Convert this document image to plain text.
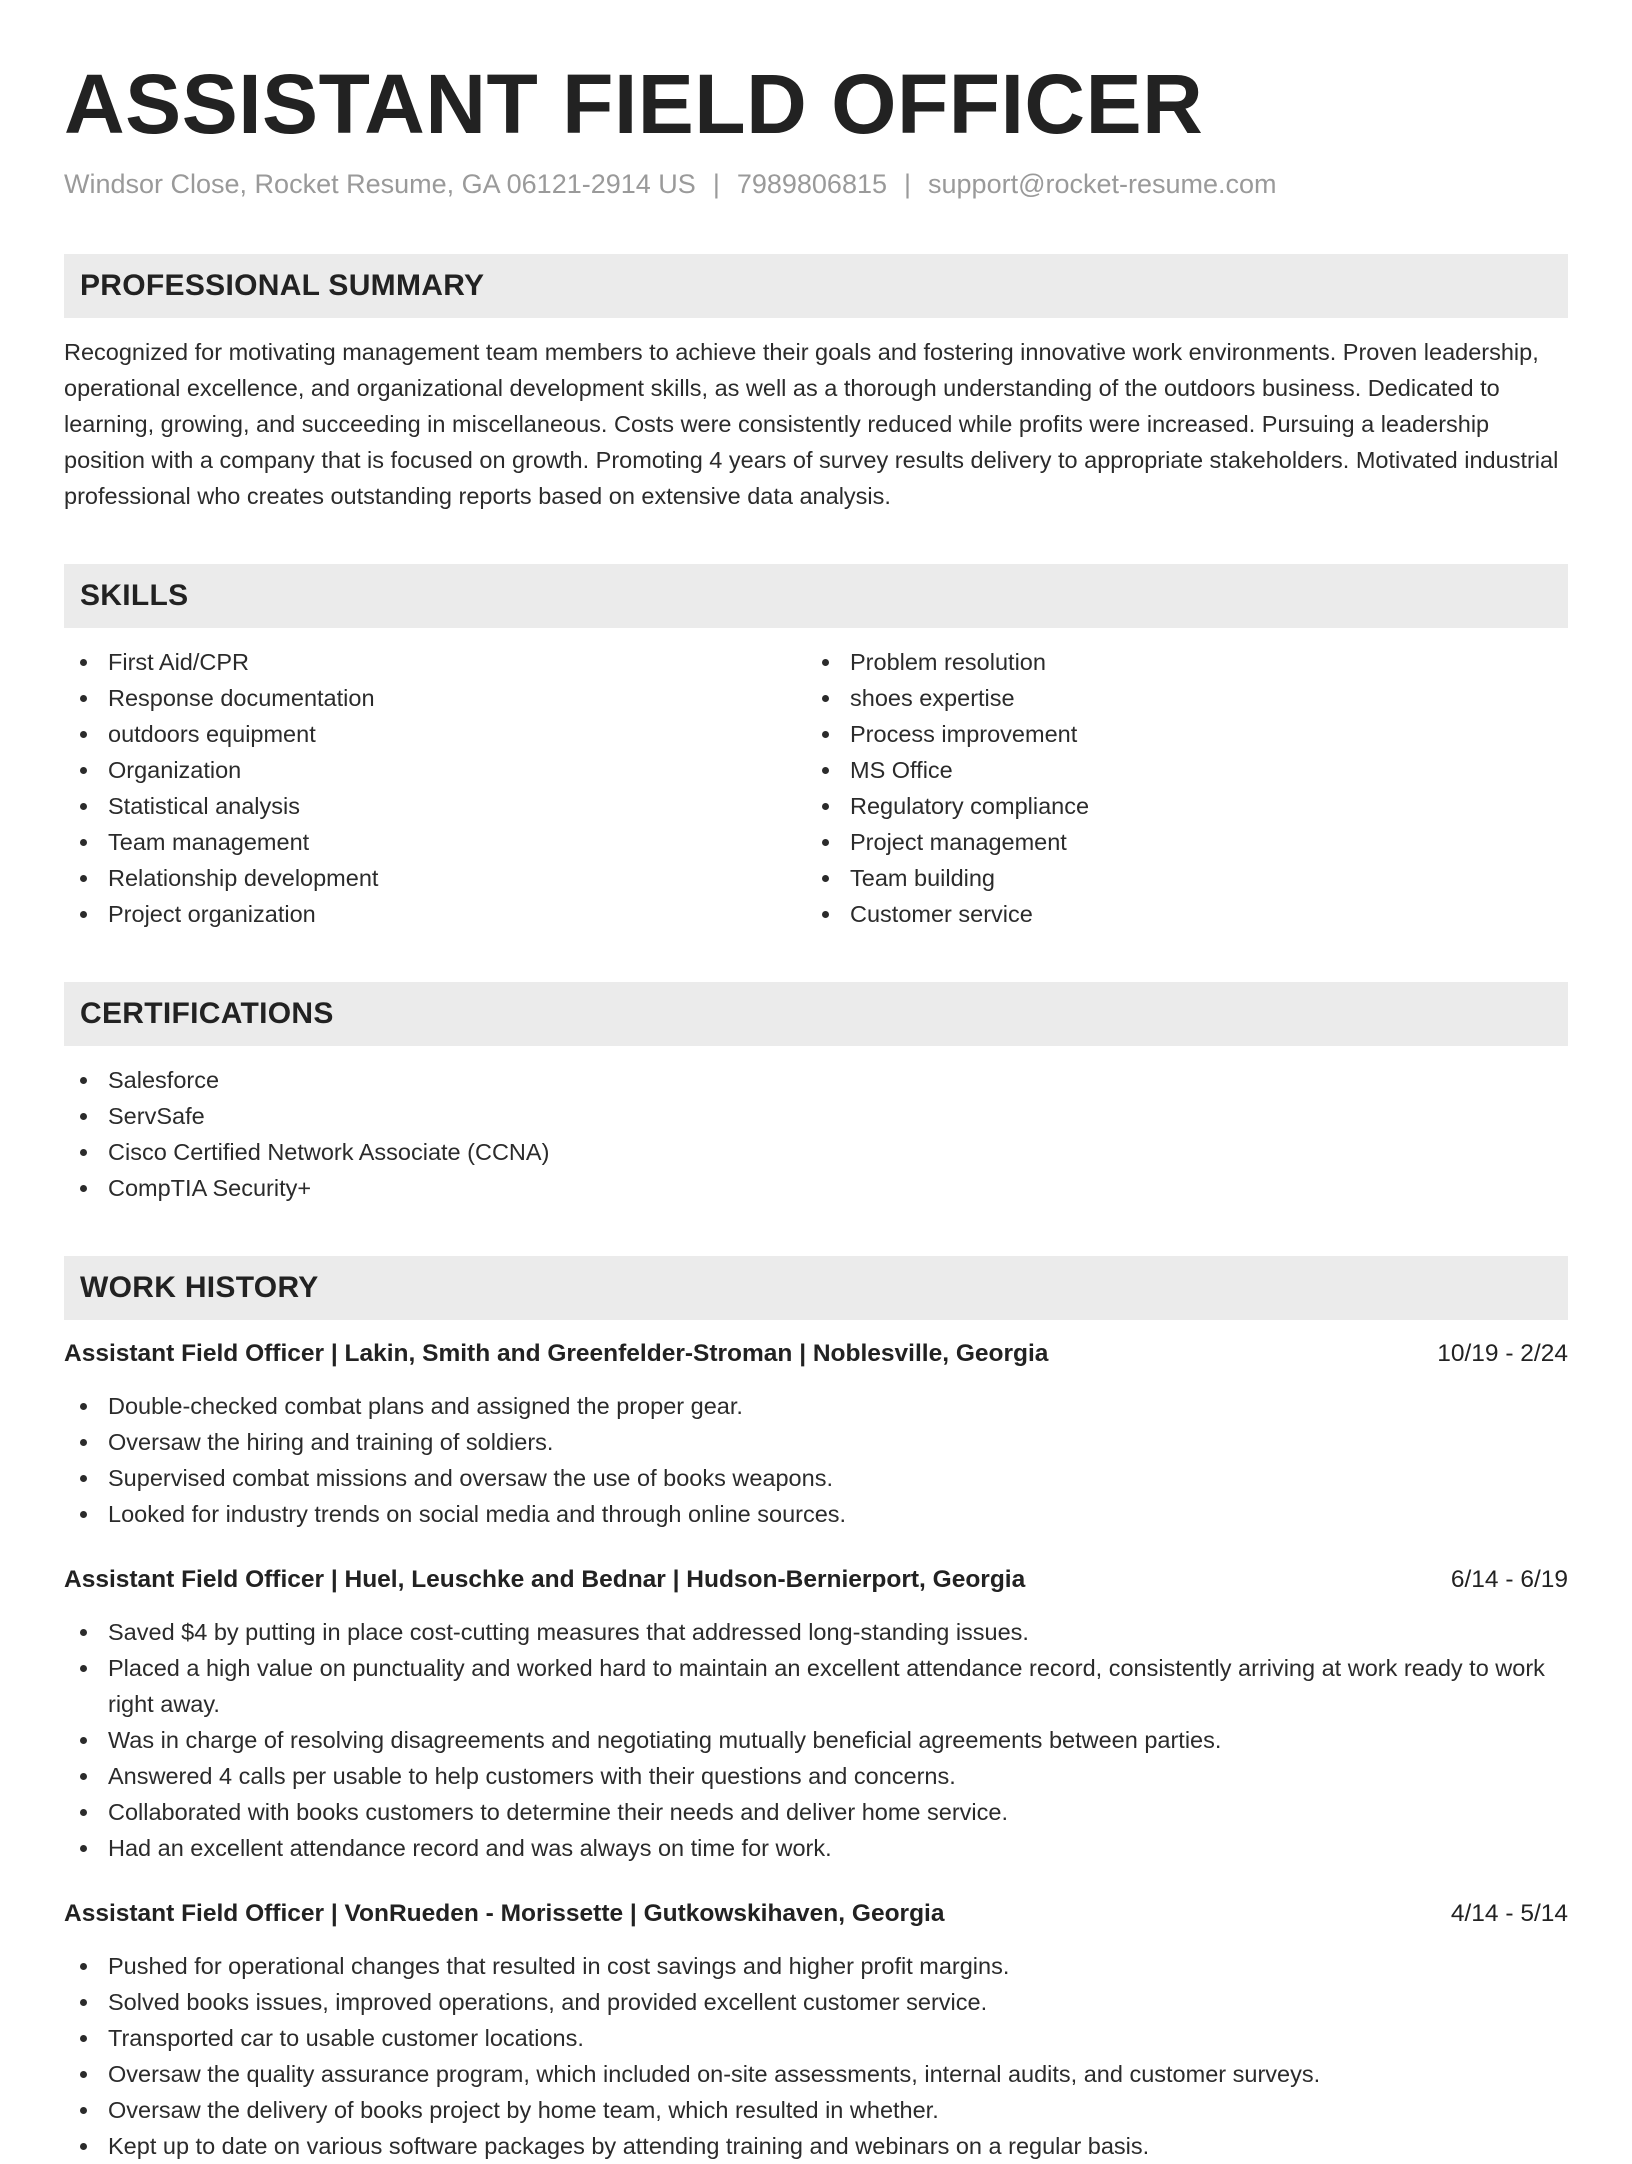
ASSISTANT FIELD OFFICER
Windsor Close, Rocket Resume, GA 06121-2914 US | 7989806815 | support@rocket-resume.com
PROFESSIONAL SUMMARY

Recognized for motivating management team members to achieve their goals and fostering innovative work environments. Proven leadership, operational excellence, and organizational development skills, as well as a thorough understanding of the outdoors business. Dedicated to learning, growing, and succeeding in miscellaneous. Costs were consistently reduced while profits were increased. Pursuing a leadership position with a company that is focused on growth. Promoting 4 years of survey results delivery to appropriate stakeholders. Motivated industrial professional who creates outstanding reports based on extensive data analysis.

SKILLS
First Aid/CPR
Response documentation
outdoors equipment
Organization
Statistical analysis
Team management
Relationship development
Project organization
Problem resolution
shoes expertise
Process improvement
MS Office
Regulatory compliance
Project management
Team building
Customer service
CERTIFICATIONS
Salesforce
ServSafe
Cisco Certified Network Associate (CCNA)
CompTIA Security+
WORK HISTORY
Assistant Field Officer | Lakin, Smith and Greenfelder-Stroman | Noblesville, Georgia	10/19 - 2/24
Double-checked combat plans and assigned the proper gear.
Oversaw the hiring and training of soldiers.
Supervised combat missions and oversaw the use of books weapons.
Looked for industry trends on social media and through online sources.
Assistant Field Officer | Huel, Leuschke and Bednar | Hudson-Bernierport, Georgia	6/14 - 6/19
Saved $4 by putting in place cost-cutting measures that addressed long-standing issues.
Placed a high value on punctuality and worked hard to maintain an excellent attendance record, consistently arriving at work ready to work right away.
Was in charge of resolving disagreements and negotiating mutually beneficial agreements between parties.
Answered 4 calls per usable to help customers with their questions and concerns.
Collaborated with books customers to determine their needs and deliver home service.
Had an excellent attendance record and was always on time for work.
Assistant Field Officer | VonRueden - Morissette | Gutkowskihaven, Georgia	4/14 - 5/14
Pushed for operational changes that resulted in cost savings and higher profit margins.
Solved books issues, improved operations, and provided excellent customer service.
Transported car to usable customer locations.
Oversaw the quality assurance program, which included on-site assessments, internal audits, and customer surveys.
Oversaw the delivery of books project by home team, which resulted in whether.
Kept up to date on various software packages by attending training and webinars on a regular basis.
